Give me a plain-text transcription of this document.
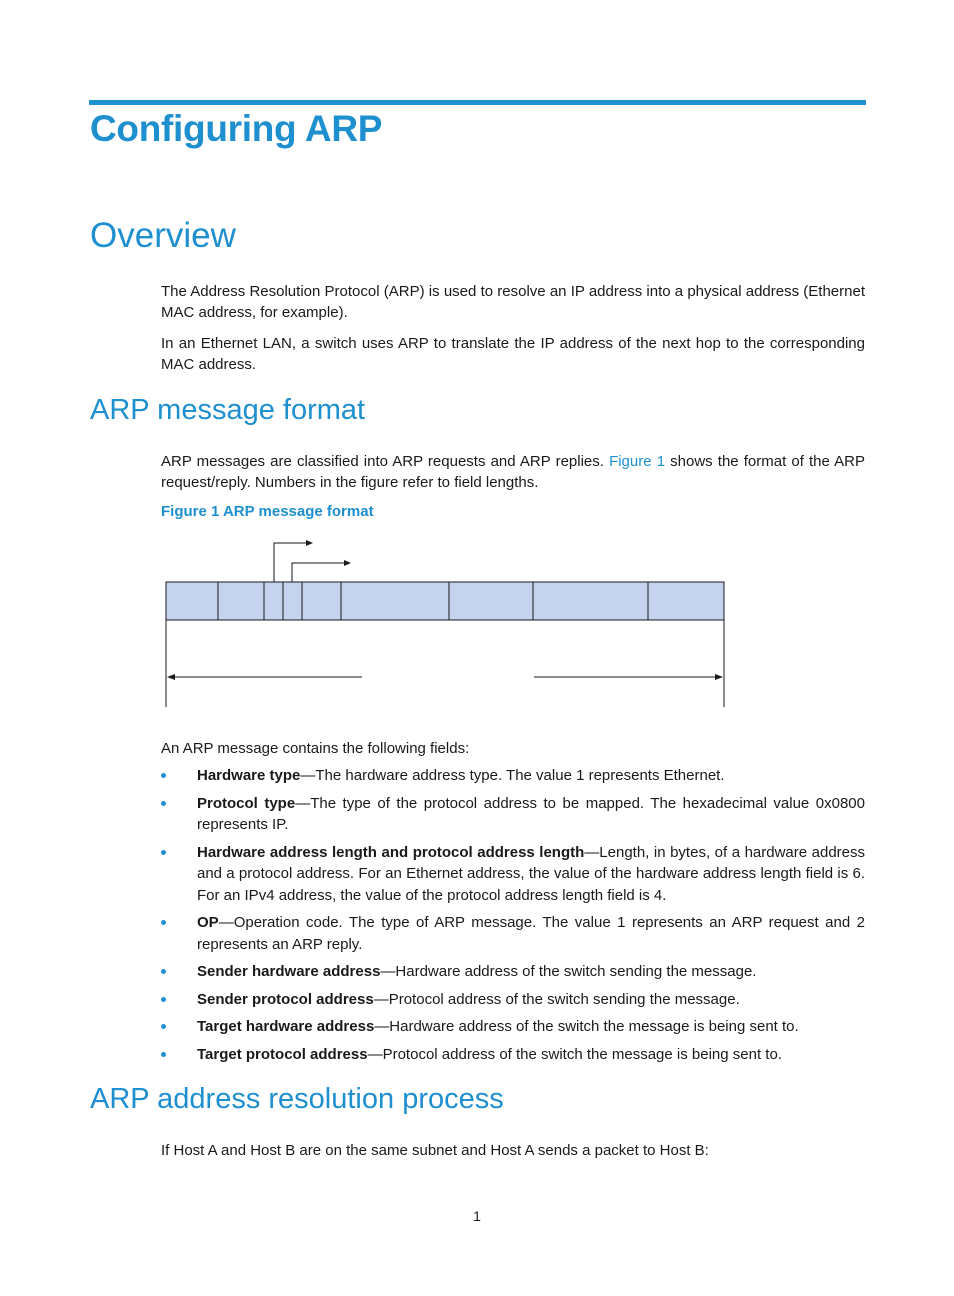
Configuring ARP
Overview

The Address Resolution Protocol (ARP) is used to resolve an IP address into a physical address (Ethernet MAC address, for example).

In an Ethernet LAN, a switch uses ARP to translate the IP address of the next hop to the corresponding MAC address.

ARP message format

ARP messages are classified into ARP requests and ARP replies. Figure 1 shows the format of the ARP request/reply. Numbers in the figure refer to field lengths.

Figure 1 ARP message format

An ARP message contains the following fields:

Hardware type—The hardware address type. The value 1 represents Ethernet.
Protocol type—The type of the protocol address to be mapped. The hexadecimal value 0x0800 represents IP.
Hardware address length and protocol address length—Length, in bytes, of a hardware address and a protocol address. For an Ethernet address, the value of the hardware address length field is 6. For an IPv4 address, the value of the protocol address length field is 4.
OP—Operation code. The type of ARP message. The value 1 represents an ARP request and 2 represents an ARP reply.
Sender hardware address—Hardware address of the switch sending the message.
Sender protocol address—Protocol address of the switch sending the message.
Target hardware address—Hardware address of the switch the message is being sent to.
Target protocol address—Protocol address of the switch the message is being sent to.
ARP address resolution process

If Host A and Host B are on the same subnet and Host A sends a packet to Host B:

1
